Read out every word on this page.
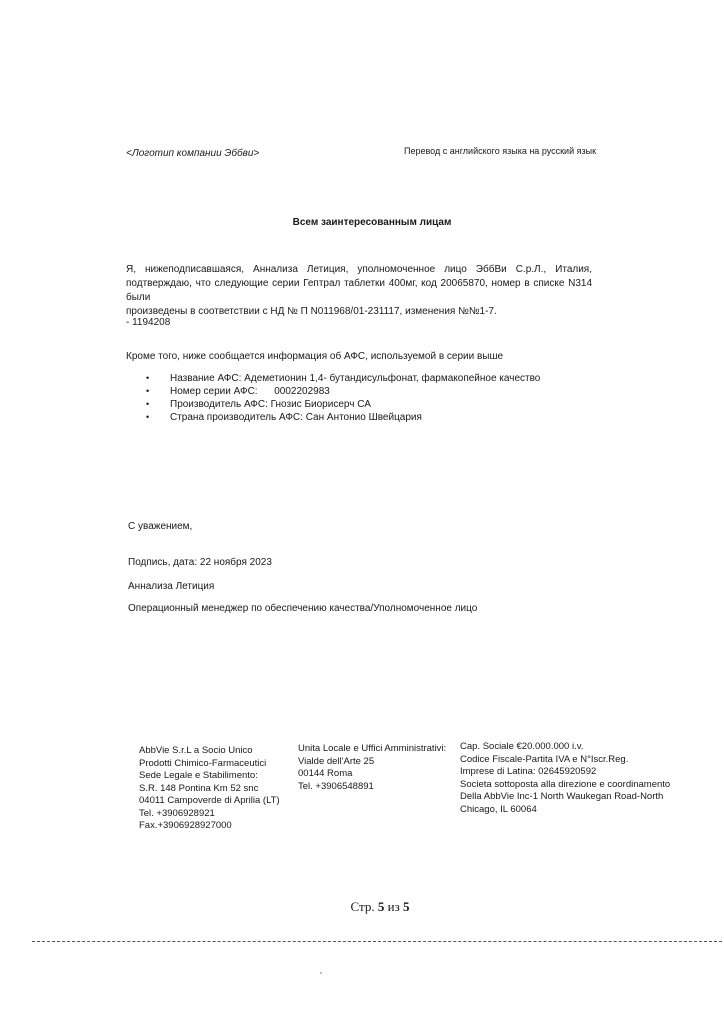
<Логотип компании Эббви>	Перевод с английского языка на русский язык
Всем заинтересованным лицам
Я, нижеподписавшаяся, Аннализа Летиция, уполномоченное лицо ЭббВи С.р.Л., Италия,
подтверждаю, что следующие серии Гептрал таблетки 400мг, код 20065870, номер в списке N314 были
произведены в соответствии с НД № П N011968/01-231117, изменения №№1-7.
- 1194208
Кроме того, ниже сообщается информация об АФС, используемой в серии выше
• Название АФС: Адеметионин 1,4- бутандисульфонат, фармакопейное качество
• Номер серии АФС:      0002202983
• Производитель АФС: Гнозис Биорисерч СА
• Страна производитель АФС: Сан Антонио Швейцария
С уважением,
Подпись, дата: 22 ноября 2023
Аннализа Летиция
Операционный менеджер по обеспечению качества/Уполномоченное лицо
AbbVie S.r.L a Socio Unico
Prodotti Chimico-Farmaceutici
Sede Legale e Stabilimento:
S.R. 148 Pontina Km 52 snc
04011 Campoverde di Aprilia (LT)
Tel. +3906928921
Fax.+3906928927000
Unita Locale e Uffici Amministrativi:
Vialde dell'Arte 25
00144 Roma
Tel. +3906548891
Cap. Sociale €20.000.000 i.v.
Codice Fiscale-Partita IVA e N°Iscr.Reg.
Imprese di Latina: 02645920592
Societa sottoposta alla direzione e coordinamento
Della AbbVie Inc-1 North Waukegan Road-North
Chicago, IL 60064
Стр. 5 из 5
